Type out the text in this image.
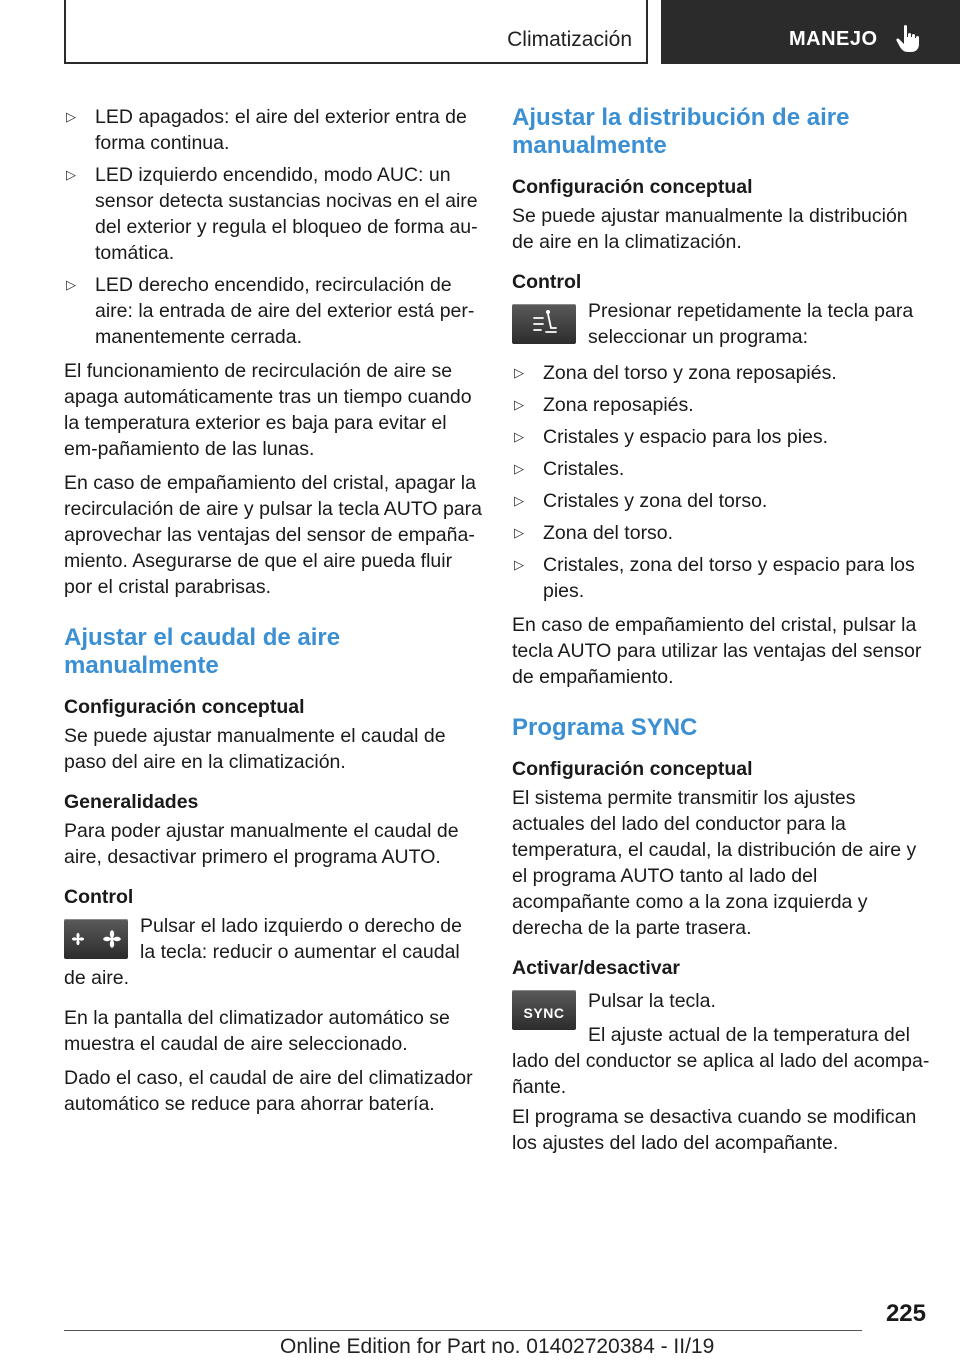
Climatización	MANEJO
▷ LED apagados: el aire del exterior entra de forma continua.
▷ LED izquierdo encendido, modo AUC: un sensor detecta sustancias nocivas en el aire del exterior y regula el bloqueo de forma au-tomática.
▷ LED derecho encendido, recirculación de aire: la entrada de aire del exterior está per-manentemente cerrada.

El funcionamiento de recirculación de aire se apaga automáticamente tras un tiempo cuando la temperatura exterior es baja para evitar el em-pañamiento de las lunas.

En caso de empañamiento del cristal, apagar la recirculación de aire y pulsar la tecla AUTO para aprovechar las ventajas del sensor de empaña-miento. Asegurarse de que el aire pueda fluir por el cristal parabrisas.

Ajustar el caudal de aire manualmente
Configuración conceptual

Se puede ajustar manualmente el caudal de paso del aire en la climatización.

Generalidades

Para poder ajustar manualmente el caudal de aire, desactivar primero el programa AUTO.

Control
Pulsar el lado izquierdo o derecho de la tecla: reducir o aumentar el caudal de aire.

En la pantalla del climatizador automático se muestra el caudal de aire seleccionado.

Dado el caso, el caudal de aire del climatizador automático se reduce para ahorrar batería.

Ajustar la distribución de aire manualmente
Configuración conceptual

Se puede ajustar manualmente la distribución de aire en la climatización.

Control
Presionar repetidamente la tecla para seleccionar un programa:
▷ Zona del torso y zona reposapiés.
▷ Zona reposapiés.
▷ Cristales y espacio para los pies.
▷ Cristales.
▷ Cristales y zona del torso.
▷ Zona del torso.
▷ Cristales, zona del torso y espacio para los pies.

En caso de empañamiento del cristal, pulsar la tecla AUTO para utilizar las ventajas del sensor de empañamiento.

Programa SYNC
Configuración conceptual

El sistema permite transmitir los ajustes actuales del lado del conductor para la temperatura, el caudal, la distribución de aire y el programa AUTO tanto al lado del acompañante como a la zona izquierda y derecha de la parte trasera.

Activar/desactivar
SYNC

Pulsar la tecla.

El ajuste actual de la temperatura del lado del conductor se aplica al lado del acompa-ñante.

El programa se desactiva cuando se modifican los ajustes del lado del acompañante.

225
Online Edition for Part no. 01402720384 - II/19
